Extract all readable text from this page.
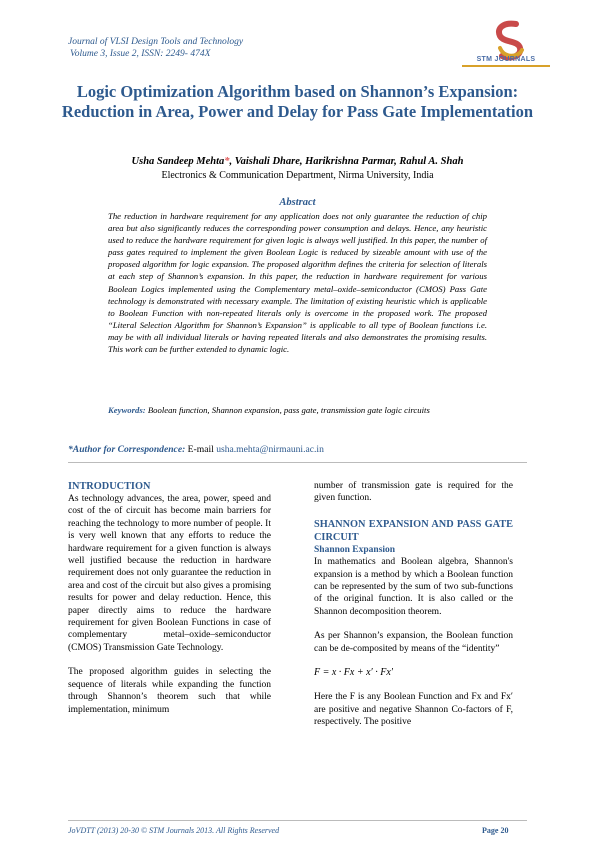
Journal of VLSI Design Tools and Technology
Volume 3, Issue 2, ISSN: 2249- 474X
STM JOURNALS
Logic Optimization Algorithm based on Shannon’s Expansion: Reduction in Area, Power and Delay for Pass Gate Implementation
Usha Sandeep Mehta*, Vaishali Dhare, Harikrishna Parmar, Rahul A. Shah
Electronics & Communication Department, Nirma University, India
Abstract
The reduction in hardware requirement for any application does not only guarantee the reduction of chip area but also significantly reduces the corresponding power consumption and delays. Hence, any heuristic used to reduce the hardware requirement for given logic is always well justified. In this paper, the number of pass gates required to implement the given Boolean Logic is reduced by sizeable amount with use of the proposed algorithm for logic expansion. The proposed algorithm defines the criteria for selection of literals at each step of Shannon’s expansion. In this paper, the reduction in hardware requirement for various Boolean Logics implemented using the Complementary metal–oxide–semiconductor (CMOS) Pass Gate technology is demonstrated with necessary example. The limitation of existing heuristic which is applicable to Boolean Function with non-repeated literals only is overcome in the proposed work. The proposed “Literal Selection Algorithm for Shannon’s Expansion” is applicable to all type of Boolean functions i.e. may be with all individual literals or having repeated literals and also demonstrates the promising results. This work can be further extended to dynamic logic.
Keywords: Boolean function, Shannon expansion, pass gate, transmission gate logic circuits
*Author for Correspondence: E-mail usha.mehta@nirmauni.ac.in
INTRODUCTION
As technology advances, the area, power, speed and cost of the of circuit has become main barriers for reaching the technology to more number of people. It is very well known that any efforts to reduce the hardware requirement for a given function is always well justified because the reduction in hardware requirement does not only guarantee the reduction in area and cost of the circuit but also gives a promising results for power and delay reduction. Hence, this paper directly aims to reduce the hardware requirement for given Boolean Functions in case of complementary metal–oxide–semiconductor (CMOS) Transmission Gate Technology.
The proposed algorithm guides in selecting the sequence of literals while expanding the function through Shannon’s theorem such that while implementation, minimum
number of transmission gate is required for the given function.
SHANNON EXPANSION AND PASS GATE CIRCUIT
Shannon Expansion
In mathematics and Boolean algebra, Shannon's expansion is a method by which a Boolean function can be represented by the sum of two sub-functions of the original function. It is also called or the Shannon decomposition theorem.
As per Shannon’s expansion, the Boolean function can be de-composited by means of the “identity”
F = x · Fx + x′ · Fx′
Here the F is any Boolean Function and Fx and Fx′ are positive and negative Shannon Co-factors of F, respectively. The positive
JoVDTT (2013) 20-30 © STM Journals 2013. All Rights Reserved	Page 20
